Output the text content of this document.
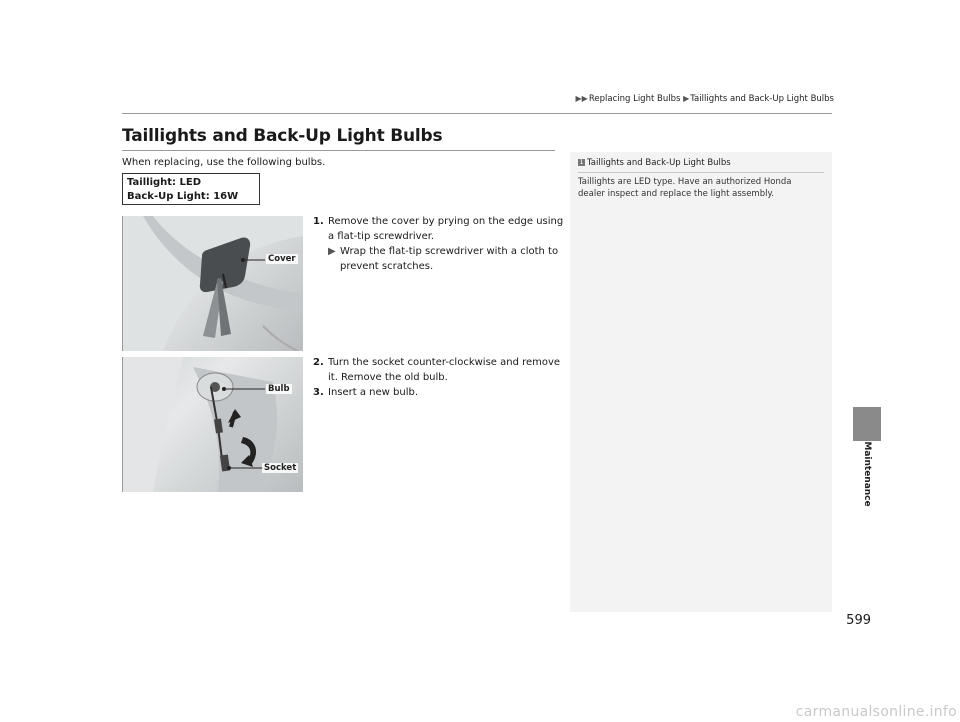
▶▶Replacing Light Bulbs ▶Taillights and Back-Up Light Bulbs
Taillights and Back-Up Light Bulbs

When replacing, use the following bulbs.

Taillight: LED
Back-Up Light: 16W
Cover
Bulb
Socket
1. Remove the cover by prying on the edge using a flat-tip screwdriver.
▶ Wrap the flat-tip screwdriver with a cloth to prevent scratches.
2. Turn the socket counter-clockwise and remove it. Remove the old bulb.
3. Insert a new bulb.
1 Taillights and Back-Up Light Bulbs

Taillights are LED type. Have an authorized Honda dealer inspect and replace the light assembly.

Maintenance
599
carmanualsonline.info
